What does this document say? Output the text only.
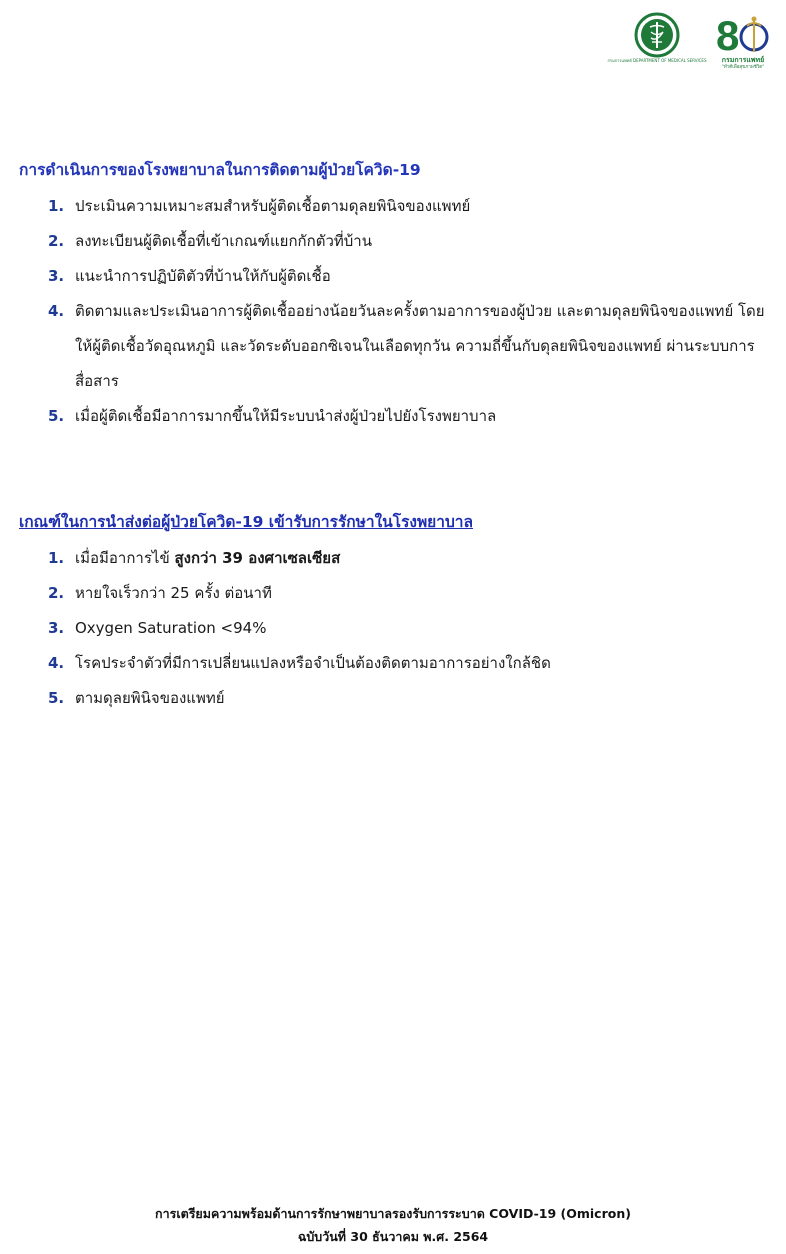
กรมการแพทย์ DEPARTMENT OF MEDICAL SERVICES
8
กรมการแพทย์
"ทำดีเพื่อสุขภาพชีวิต"
การดำเนินการของโรงพยาบาลในการติดตามผู้ป่วยโควิด-19
1. ประเมินความเหมาะสมสำหรับผู้ติดเชื้อตามดุลยพินิจของแพทย์
2. ลงทะเบียนผู้ติดเชื้อที่เข้าเกณฑ์แยกกักตัวที่บ้าน
3. แนะนำการปฏิบัติตัวที่บ้านให้กับผู้ติดเชื้อ
4. ติดตามและประเมินอาการผู้ติดเชื้ออย่างน้อยวันละครั้งตามอาการของผู้ป่วย และตามดุลยพินิจของแพทย์ โดยให้ผู้ติดเชื้อวัดอุณหภูมิ และวัดระดับออกซิเจนในเลือดทุกวัน ความถี่ขึ้นกับดุลยพินิจของแพทย์ ผ่านระบบการสื่อสาร
5. เมื่อผู้ติดเชื้อมีอาการมากขึ้นให้มีระบบนำส่งผู้ป่วยไปยังโรงพยาบาล
เกณฑ์ในการนำส่งต่อผู้ป่วยโควิด-19 เข้ารับการรักษาในโรงพยาบาล
1. เมื่อมีอาการไข้ สูงกว่า 39 องศาเซลเซียส
2. หายใจเร็วกว่า 25 ครั้ง ต่อนาที
3. Oxygen Saturation <94%
4. โรคประจำตัวที่มีการเปลี่ยนแปลงหรือจำเป็นต้องติดตามอาการอย่างใกล้ชิด
5. ตามดุลยพินิจของแพทย์
การเตรียมความพร้อมด้านการรักษาพยาบาลรองรับการระบาด COVID-19 (Omicron)
ฉบับวันที่ 30 ธันวาคม พ.ศ. 2564
